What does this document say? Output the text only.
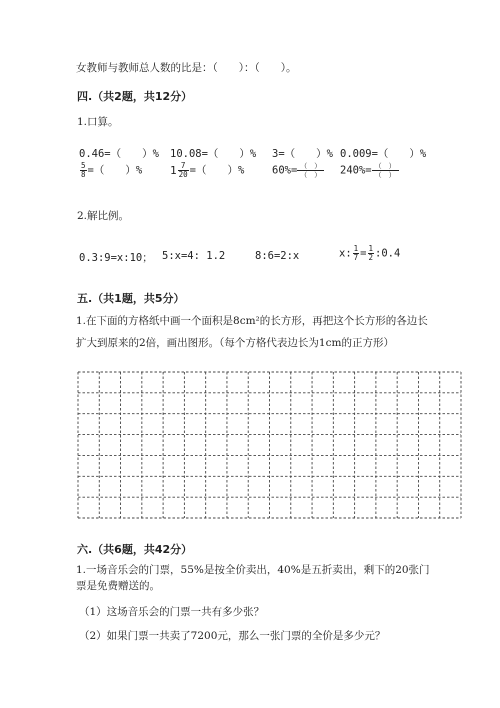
女教师与教师总人数的比是：（　　）：（　　）。
四.（共2题，共12分）
1.口算。
0.46=（　　）% 10.08=（　　）% 3=（　　）% 0.009=（　　）%
$\frac{5}{8}$ =（　　）%	$1 \frac{7}{20}$ =（　　）%	$60\%= \frac{( )}{( )} 240\%= \frac{( )}{( )}$
2.解比例。
0.3:9=x:10； 5:x=4: 1.2	8:6=2:x	x: $\frac{1}{7} = \frac{1}{2}$ :0.4
五.（共1题，共5分）
1.在下面的方格纸中画一个面积是8cm²的长方形，再把这个长方形的各边长扩大到原来的2倍，画出图形。（每个方格代表边长为1cm的正方形）
六.（共6题，共42分）
1.一场音乐会的门票，55%是按全价卖出，40%是五折卖出，剩下的20张门票是免费赠送的。
（1）这场音乐会的门票一共有多少张？
（2）如果门票一共卖了7200元，那么一张门票的全价是多少元？
